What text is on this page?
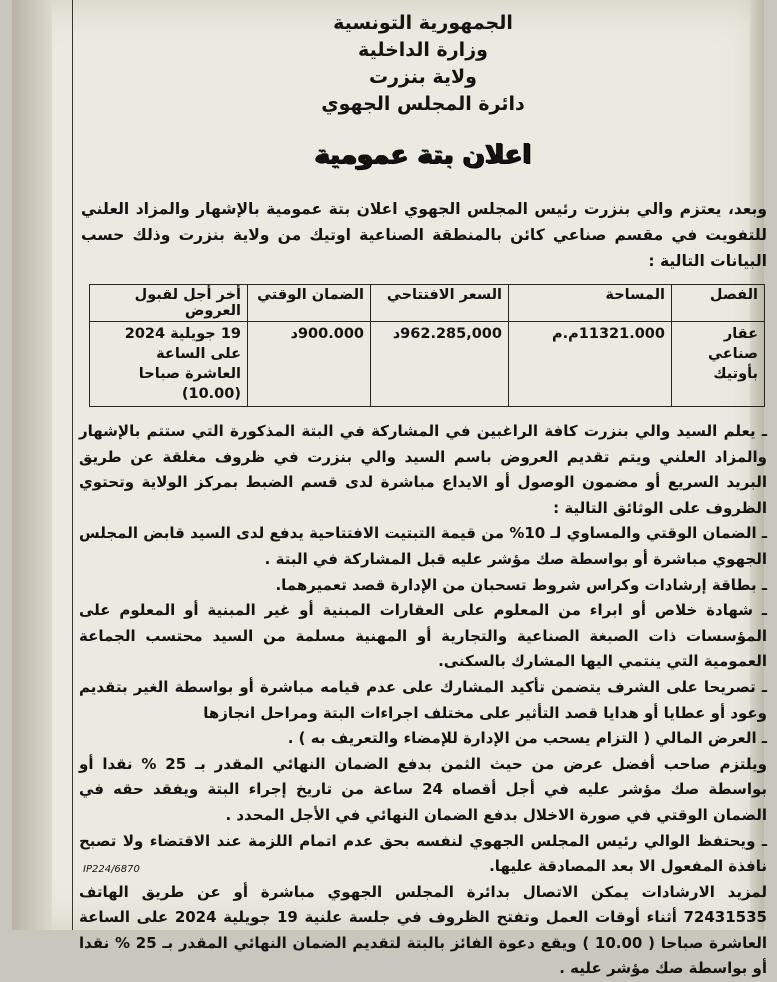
الجمهورية التونسية
وزارة الداخلية
ولاية بنزرت
دائرة المجلس الجهوي
اعلان بتة عمومية
وبعد، يعتزم والي بنزرت رئيس المجلس الجهوي اعلان بتة عمومية بالإشهار والمزاد العلني للتفويت في مقسم صناعي كائن بالمنطقة الصناعية اوتيك من ولاية بنزرت وذلك حسب البيانات التالية :
الفصل	المساحة	السعر الافتتاحي	الضمان الوقتي	أخر أجل لقبول العروض
عقار صناعي بأوتيك	11321.000م.م	962.285,000د	900.000د	19 جويلية 2024 على الساعة العاشرة صباحا (10.00)

ـ يعلم السيد والي بنزرت كافة الراغبين في المشاركة في البتة المذكورة التي ستتم بالإشهار والمزاد العلني ويتم تقديم العروض باسم السيد والي بنزرت في ظروف مغلقة عن طريق البريد السريع أو مضمون الوصول أو الايداع مباشرة لدى قسم الضبط بمركز الولاية وتحتوي الظروف على الوثائق التالية :

ـ الضمان الوقتي والمساوي لـ 10% من قيمة التبتيت الافتتاحية يدفع لدى السيد قابض المجلس الجهوي مباشرة أو بواسطة صك مؤشر عليه قبل المشاركة في البتة .

ـ بطاقة إرشادات وكراس شروط تسحبان من الإدارة قصد تعميرهما.

ـ شهادة خلاص أو ابراء من المعلوم على العقارات المبنية أو غير المبنية أو المعلوم على المؤسسات ذات الصبغة الصناعية والتجارية أو المهنية مسلمة من السيد محتسب الجماعة العمومية التي ينتمي اليها المشارك بالسكنى.

ـ تصريحا على الشرف يتضمن تأكيد المشارك على عدم قيامه مباشرة أو بواسطة الغير بتقديم وعود أو عطايا أو هدايا قصد التأثير على مختلف اجراءات البتة ومراحل انجازها

ـ العرض المالي ( التزام يسحب من الإدارة للإمضاء والتعريف به ) .

ويلتزم صاحب أفضل عرض من حيث الثمن بدفع الضمان النهائي المقدر بـ 25 % نقدا أو بواسطة صك مؤشر عليه في أجل أقصاه 24 ساعة من تاريخ إجراء البتة ويفقد حقه في الضمان الوقتي في صورة الاخلال بدفع الضمان النهائي في الأجل المحدد .

ـ ويحتفظ الوالي رئيس المجلس الجهوي لنفسه بحق عدم اتمام اللزمة عند الاقتضاء ولا تصبح نافذة المفعول الا بعد المصادقة عليها.

لمزيد الارشادات يمكن الاتصال بدائرة المجلس الجهوي مباشرة أو عن طريق الهاتف 72431535 أثناء أوقات العمل وتفتح الظروف في جلسة علنية 19 جويلية 2024 على الساعة العاشرة صباحا ( 10.00 ) ويقع دعوة الفائز بالبتة لتقديم الضمان النهائي المقدر بـ 25 % نقدا أو بواسطة صك مؤشر عليه .

IP224/6870
